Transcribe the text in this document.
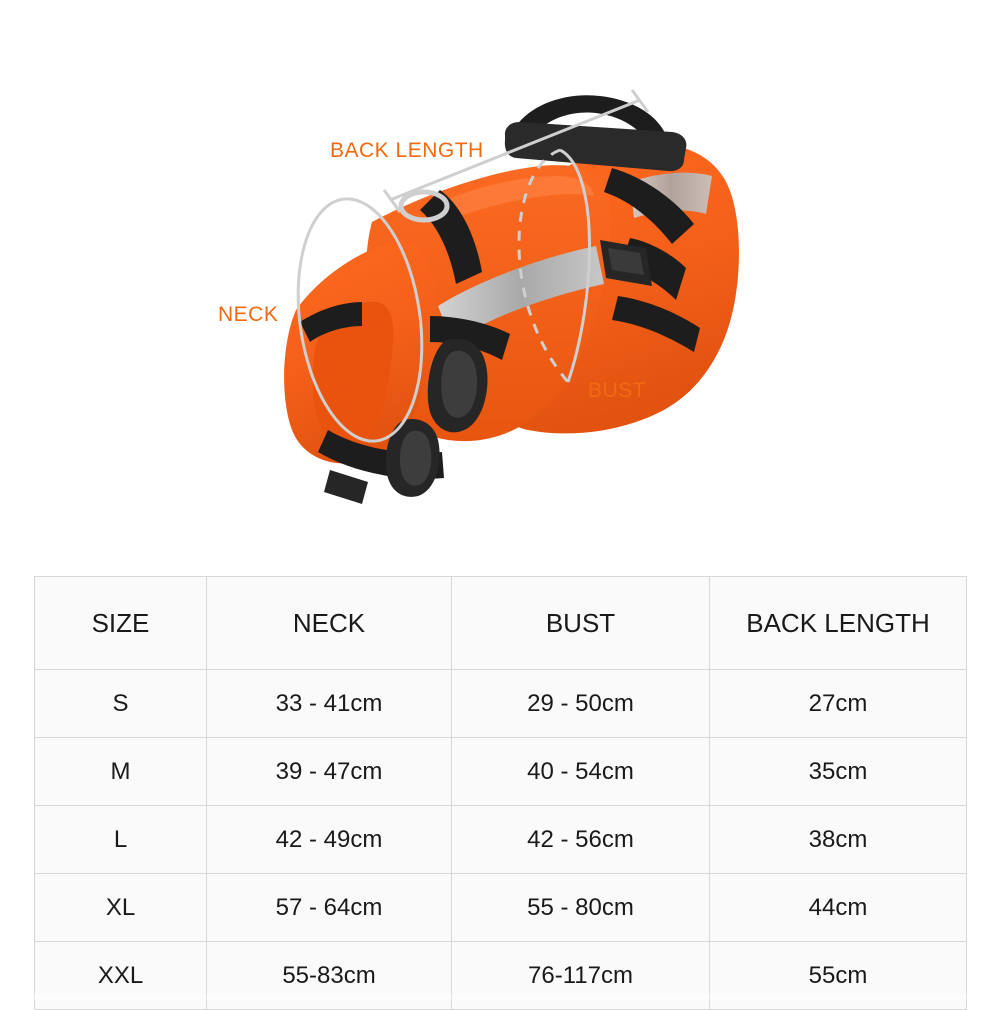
BACK LENGTH
NECK
BUST
SIZE	NECK	BUST	BACK LENGTH
S	33 - 41cm	29 - 50cm	27cm
M	39 - 47cm	40 - 54cm	35cm
L	42 - 49cm	42 - 56cm	38cm
XL	57 - 64cm	55 - 80cm	44cm
XXL	55-83cm	76-117cm	55cm
